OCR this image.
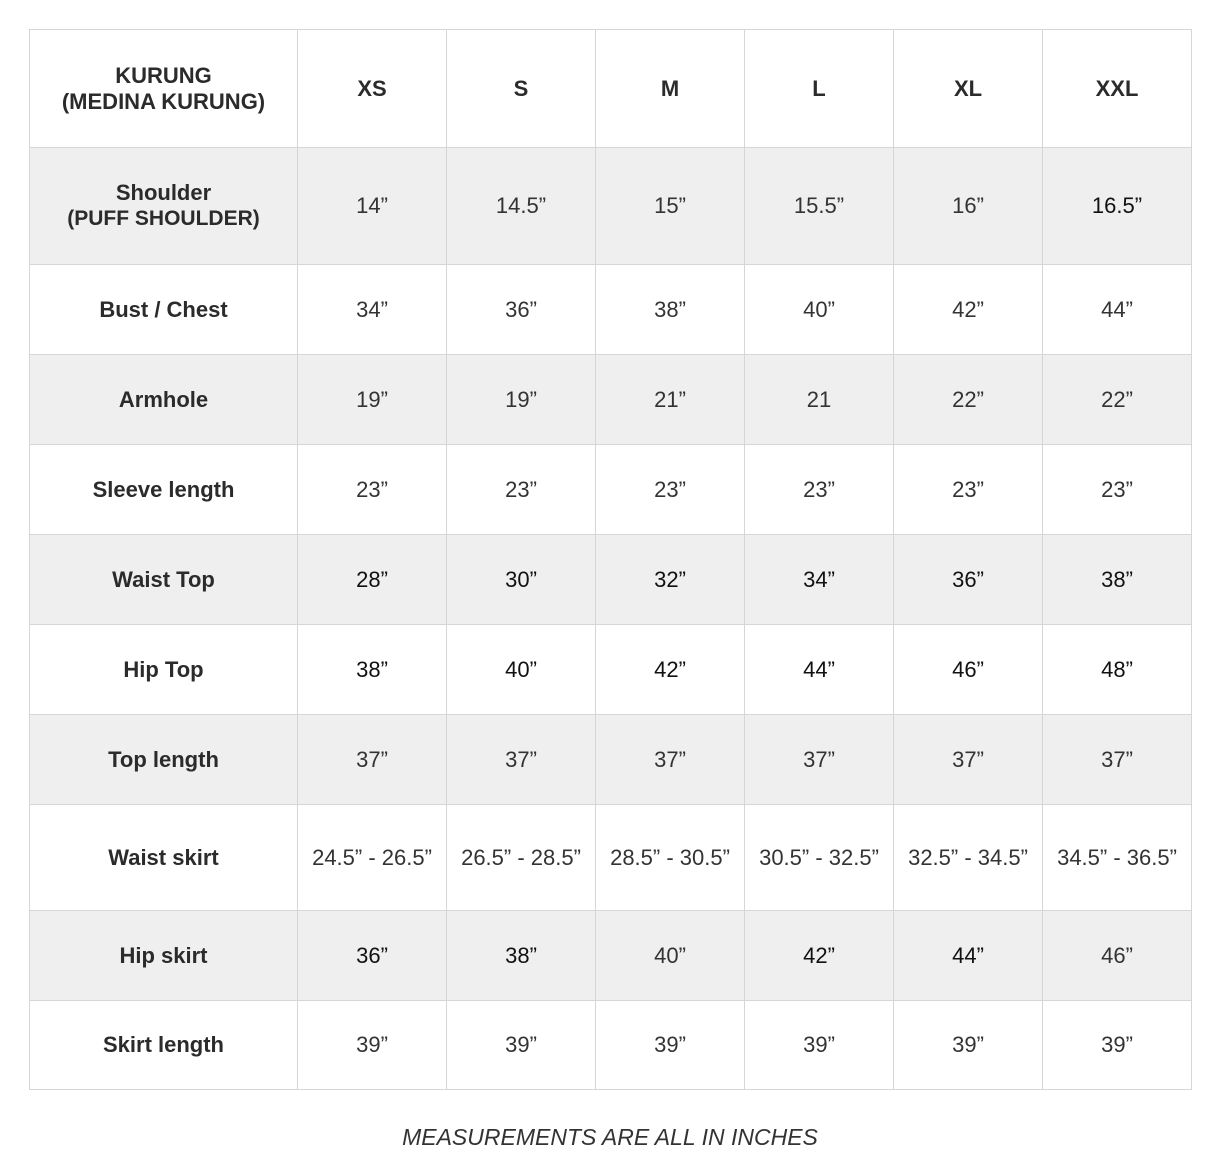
KURUNG
(MEDINA KURUNG)	XS	S	M	L	XL	XXL
Shoulder
(PUFF SHOULDER)	14”	14.5”	15”	15.5”	16”	16.5”
Bust / Chest	34”	36”	38”	40”	42”	44”
Armhole	19”	19”	21”	21	22”	22”
Sleeve length	23”	23”	23”	23”	23”	23”
Waist Top	28”	30”	32”	34”	36”	38”
Hip Top	38”	40”	42”	44”	46”	48”
Top length	37”	37”	37”	37”	37”	37”
Waist skirt	24.5” - 26.5”	26.5” - 28.5”	28.5” - 30.5”	30.5” - 32.5”	32.5” - 34.5”	34.5” - 36.5”
Hip skirt	36”	38”	40”	42”	44”	46”
Skirt length	39”	39”	39”	39”	39”	39”
MEASUREMENTS ARE ALL IN INCHES
